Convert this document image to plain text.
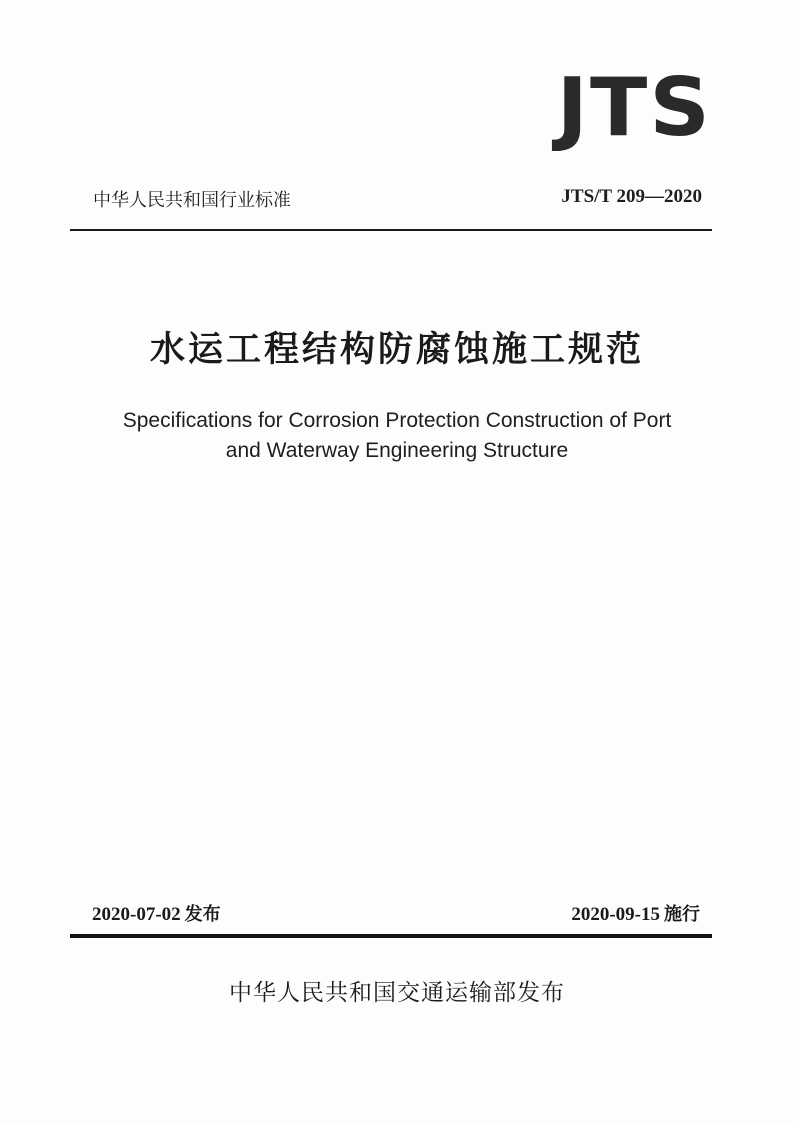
JTS
中华人民共和国行业标准	JTS/T 209—2020
水运工程结构防腐蚀施工规范
Specifications for Corrosion Protection Construction of Port
and Waterway Engineering Structure
2020-07-02 发布	2020-09-15 施行
中华人民共和国交通运输部发布
